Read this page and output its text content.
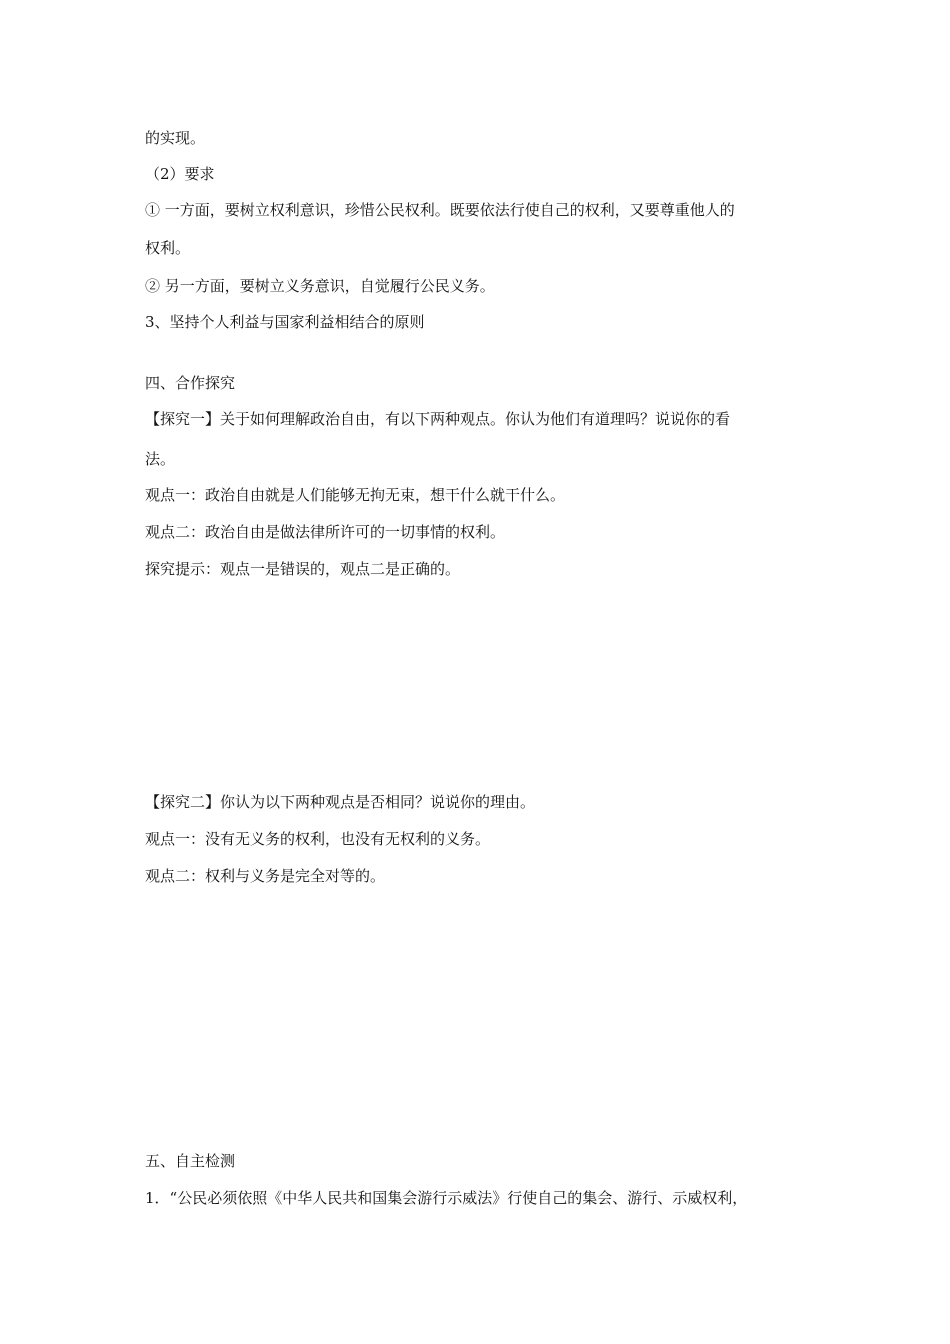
的实现。
（2）要求
① 一方面，要树立权利意识，珍惜公民权利。既要依法行使自己的权利，又要尊重他人的
权利。
② 另一方面，要树立义务意识，自觉履行公民义务。
3、坚持个人利益与国家利益相结合的原则
四、合作探究
【探究一】关于如何理解政治自由，有以下两种观点。你认为他们有道理吗？说说你的看
法。
观点一：政治自由就是人们能够无拘无束，想干什么就干什么。
观点二：政治自由是做法律所许可的一切事情的权利。
探究提示：观点一是错误的，观点二是正确的。
【探究二】你认为以下两种观点是否相同？说说你的理由。
观点一：没有无义务的权利，也没有无权利的义务。
观点二：权利与义务是完全对等的。
五、自主检测
1．“公民必须依照《中华人民共和国集会游行示威法》行使自己的集会、游行、示威权利，
